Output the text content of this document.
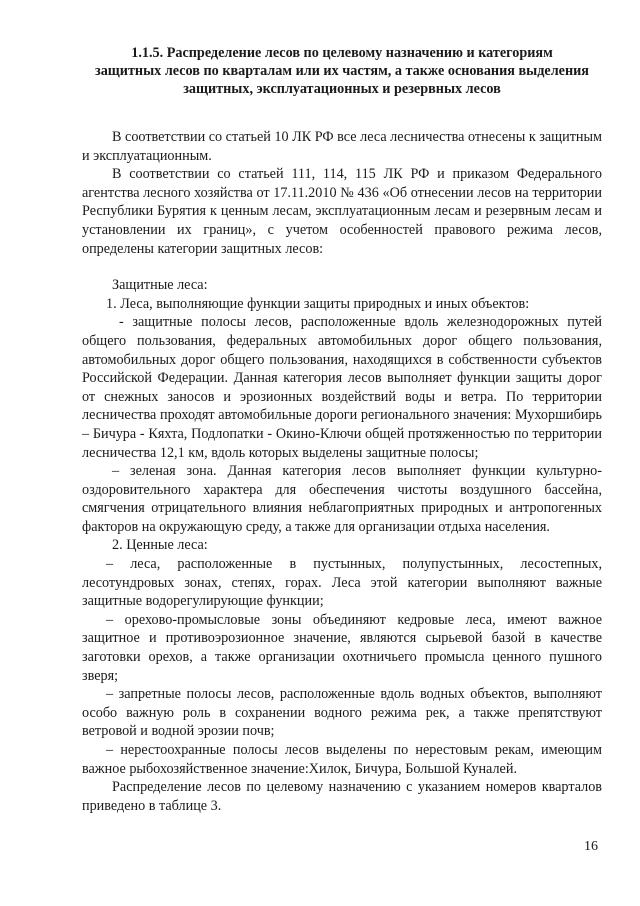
1.1.5. Распределение лесов по целевому назначению и категориям
защитных лесов по кварталам или их частям, а также основания выделения
защитных, эксплуатационных и резервных лесов

В соответствии со статьей 10 ЛК РФ все леса лесничества отнесены к защитным и эксплуатационным.

В соответствии со статьей 111, 114, 115 ЛК РФ и приказом Федерального агентства лесного хозяйства от 17.11.2010 № 436 «Об отнесении лесов на территории Республики Бурятия к ценным лесам, эксплуатационным лесам и резервным лесам и установлении их границ», с учетом особенностей правового режима лесов, определены категории защитных лесов:

Защитные леса:

1. Леса, выполняющие функции защиты природных и иных объектов:

- защитные полосы лесов, расположенные вдоль железнодорожных путей общего пользования, федеральных автомобильных дорог общего пользования, автомобильных дорог общего пользования, находящихся в собственности субъектов Российской Федерации. Данная категория лесов выполняет функции защиты дорог от снежных заносов и эрозионных воздействий воды и ветра. По территории лесничества проходят автомобильные дороги регионального значения: Мухоршибирь – Бичура - Кяхта, Подлопатки - Окино-Ключи общей протяженностью по территории лесничества 12,1 км, вдоль которых выделены защитные полосы;

– зеленая зона. Данная категория лесов выполняет функции культурно-оздоровительного характера для обеспечения чистоты воздушного бассейна, смягчения отрицательного влияния неблагоприятных природных и антропогенных факторов на окружающую среду, а также для организации отдыха населения.

2. Ценные леса:

– леса, расположенные в пустынных, полупустынных, лесостепных, лесотундровых зонах, степях, горах. Леса этой категории выполняют важные защитные водорегулирующие функции;

– орехово-промысловые зоны объединяют кедровые леса, имеют важное защитное и противоэрозионное значение, являются сырьевой базой в качестве заготовки орехов, а также организации охотничьего промысла ценного пушного зверя;

– запретные полосы лесов, расположенные вдоль водных объектов, выполняют особо важную роль в сохранении водного режима рек, а также препятствуют ветровой и водной эрозии почв;

– нерестоохранные полосы лесов выделены по нерестовым рекам, имеющим важное рыбохозяйственное значение:Хилок, Бичура, Большой Куналей.

Распределение лесов по целевому назначению с указанием номеров кварталов приведено в таблице 3.

16
